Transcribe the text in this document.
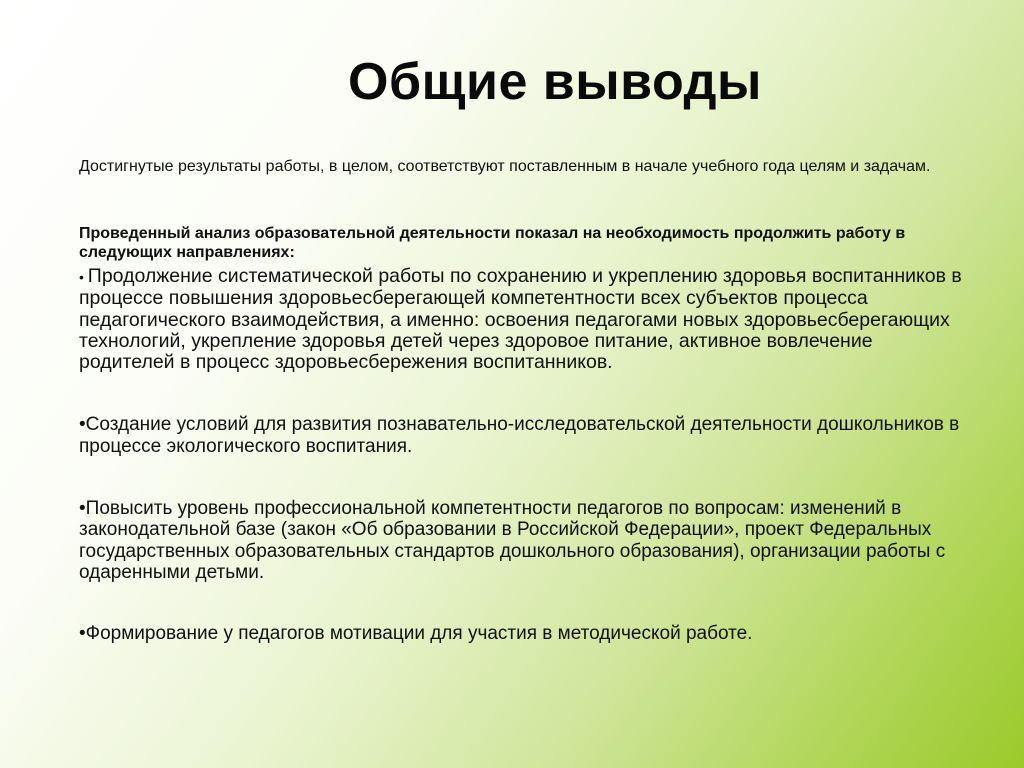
Общие выводы

Достигнутые результаты работы, в целом, соответствуют поставленным в начале учебного года целям и задачам.

Проведенный анализ образовательной деятельности показал на необходимость продолжить работу в следующих направлениях:

• Продолжение систематической работы по сохранению и укреплению здоровья воспитанников в процессе повышения здоровьесберегающей компетентности всех субъектов процесса педагогического взаимодействия, а именно: освоения педагогами новых здоровьесберегающих технологий, укрепление здоровья детей через здоровое питание, активное вовлечение родителей в процесс здоровьесбережения воспитанников.
•Создание условий для развития познавательно-исследовательской деятельности дошкольников в процессе экологического воспитания.
•Повысить уровень профессиональной компетентности педагогов по вопросам: изменений в законодательной базе (закон «Об образовании в Российской Федерации», проект Федеральных государственных образовательных стандартов дошкольного образования), организации работы с одаренными детьми.
•Формирование у педагогов мотивации для участия в методической работе.
